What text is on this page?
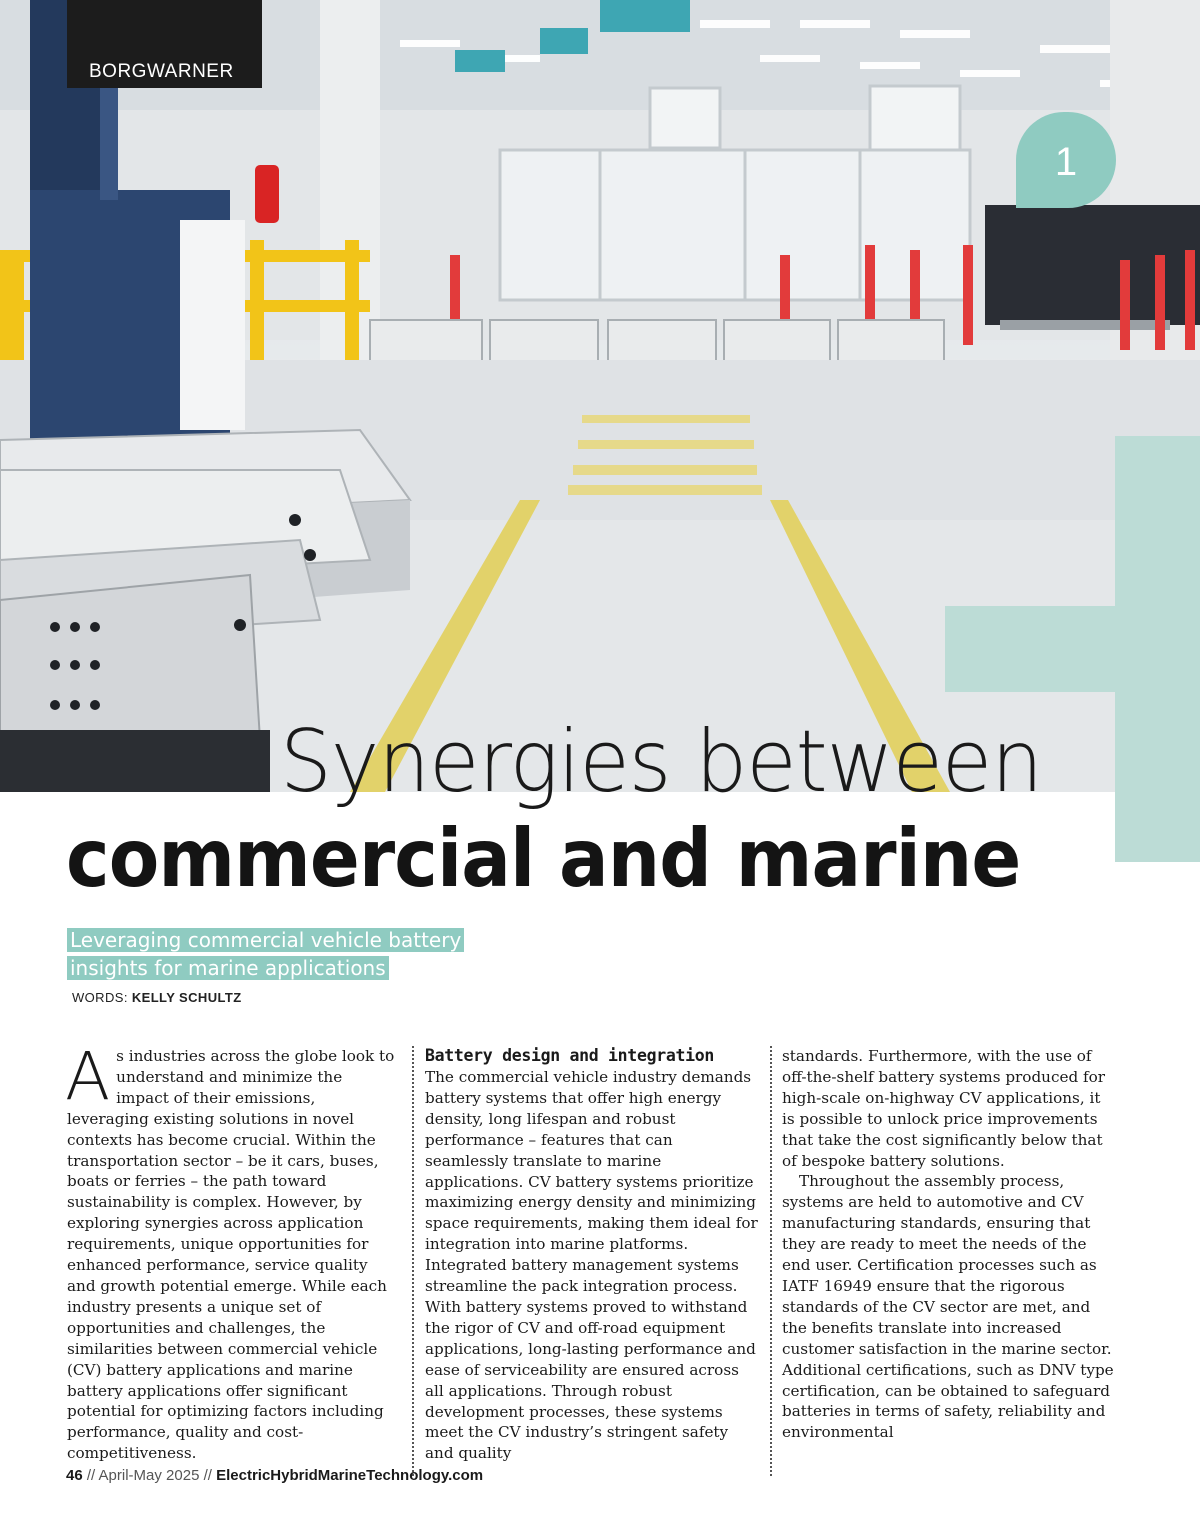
BORGWARNER
1
Synergies between
commercial and marine
Leveraging commercial vehicle battery
insights for marine applications
WORDS: KELLY SCHULTZ
A s industries across the globe look to understand and minimize the impact of their emissions, leveraging existing solutions in novel contexts has become crucial. Within the transportation sector – be it cars, buses, boats or ferries – the path toward sustainability is complex. However, by exploring synergies across application requirements, unique opportunities for enhanced performance, service quality and growth potential emerge. While each industry presents a unique set of opportunities and challenges, the similarities between commercial vehicle (CV) battery applications and marine battery applications offer significant potential for optimizing factors including performance, quality and cost-competitiveness.

Battery design and integration

The commercial vehicle industry demands battery systems that offer high energy density, long lifespan and robust performance – features that can seamlessly translate to marine applications. CV battery systems prioritize maximizing energy density and minimizing space requirements, making them ideal for integration into marine platforms. Integrated battery management systems streamline the pack integration process. With battery systems proved to withstand the rigor of CV and off-road equipment applications, long-lasting performance and ease of serviceability are ensured across all applications. Through robust development processes, these systems meet the CV industry’s stringent safety and quality

standards. Furthermore, with the use of off-the-shelf battery systems produced for high-scale on-highway CV applications, it is possible to unlock price improvements that take the cost significantly below that of bespoke battery solutions.

Throughout the assembly process, systems are held to automotive and CV manufacturing standards, ensuring that they are ready to meet the needs of the end user. Certification processes such as IATF 16949 ensure that the rigorous standards of the CV sector are met, and the benefits translate into increased customer satisfaction in the marine sector. Additional certifications, such as DNV type certification, can be obtained to safeguard batteries in terms of safety, reliability and environmental

46 // April-May 2025 // ElectricHybridMarineTechnology.com
